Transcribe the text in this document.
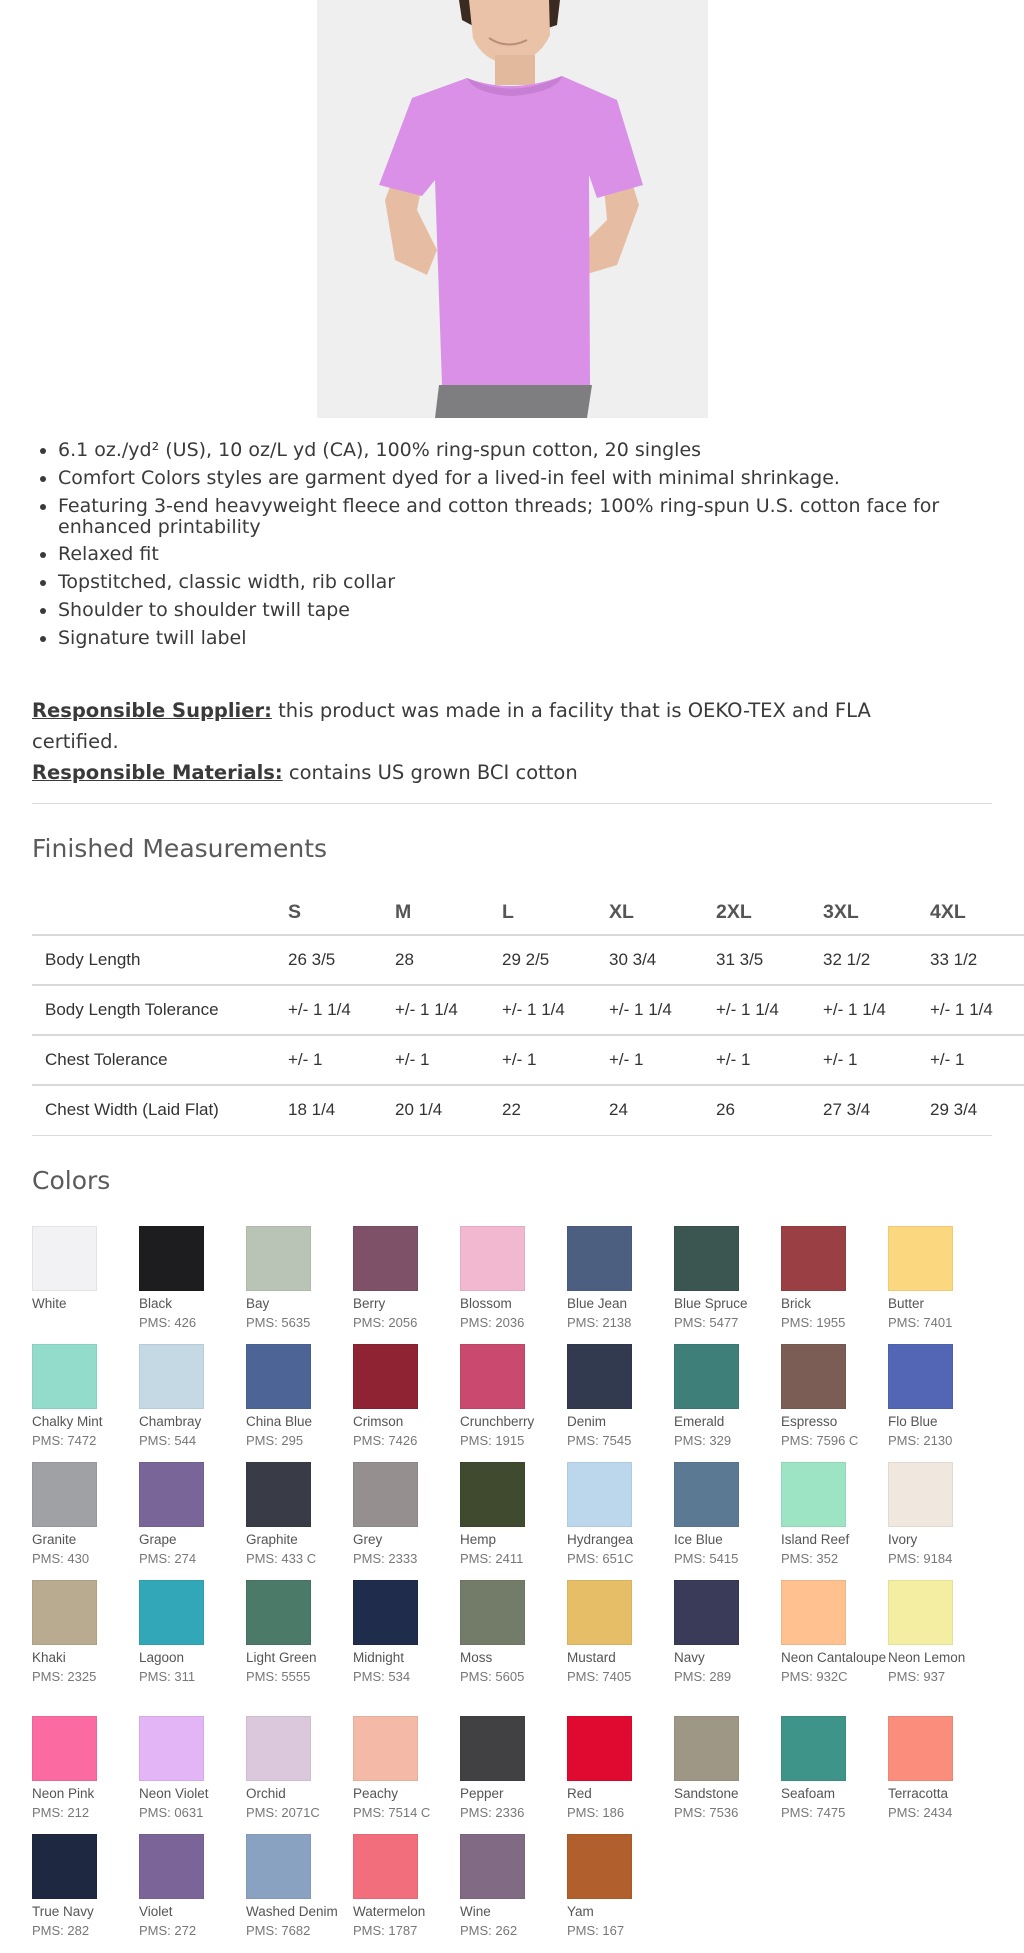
• 6.1 oz./yd² (US), 10 oz/L yd (CA), 100% ring-spun cotton, 20 singles
• Comfort Colors styles are garment dyed for a lived-in feel with minimal shrinkage.
• Featuring 3-end heavyweight fleece and cotton threads; 100% ring-spun U.S. cotton face for enhanced printability
• Relaxed fit
• Topstitched, classic width, rib collar
• Shoulder to shoulder twill tape
• Signature twill label

Responsible Supplier: this product was made in a facility that is OEKO-TEX and FLA certified.

Responsible Materials: contains US grown BCI cotton

Finished Measurements
	S	M	L	XL	2XL	3XL	4XL
Body Length	26 3/5	28	29 2/5	30 3/4	31 3/5	32 1/2	33 1/2
Body Length Tolerance	+/- 1 1/4	+/- 1 1/4	+/- 1 1/4	+/- 1 1/4	+/- 1 1/4	+/- 1 1/4	+/- 1 1/4
Chest Tolerance	+/- 1	+/- 1	+/- 1	+/- 1	+/- 1	+/- 1	+/- 1
Chest Width (Laid Flat)	18 1/4	20 1/4	22	24	26	27 3/4	29 3/4
Colors
White	Black
PMS: 426
Bay
PMS: 5635
Berry
PMS: 2056
Blossom
PMS: 2036
Blue Jean
PMS: 2138
Blue Spruce
PMS: 5477
Brick
PMS: 1955
Butter
PMS: 7401
Chalky Mint
PMS: 7472
Chambray
PMS: 544
China Blue
PMS: 295
Crimson
PMS: 7426
Crunchberry
PMS: 1915
Denim
PMS: 7545
Emerald
PMS: 329
Espresso
PMS: 7596 C
Flo Blue
PMS: 2130
Granite
PMS: 430
Grape
PMS: 274
Graphite
PMS: 433 C
Grey
PMS: 2333
Hemp
PMS: 2411
Hydrangea
PMS: 651C
Ice Blue
PMS: 5415
Island Reef
PMS: 352
Ivory
PMS: 9184
Khaki
PMS: 2325
Lagoon
PMS: 311
Light Green
PMS: 5555
Midnight
PMS: 534
Moss
PMS: 5605
Mustard
PMS: 7405
Navy
PMS: 289
Neon Cantaloupe
PMS: 932C
Neon Lemon
PMS: 937
Neon Pink
PMS: 212
Neon Violet
PMS: 0631
Orchid
PMS: 2071C
Peachy
PMS: 7514 C
Pepper
PMS: 2336
Red
PMS: 186
Sandstone
PMS: 7536
Seafoam
PMS: 7475
Terracotta
PMS: 2434
True Navy
PMS: 282
Violet
PMS: 272
Washed Denim
PMS: 7682
Watermelon
PMS: 1787
Wine
PMS: 262
Yam
PMS: 167
